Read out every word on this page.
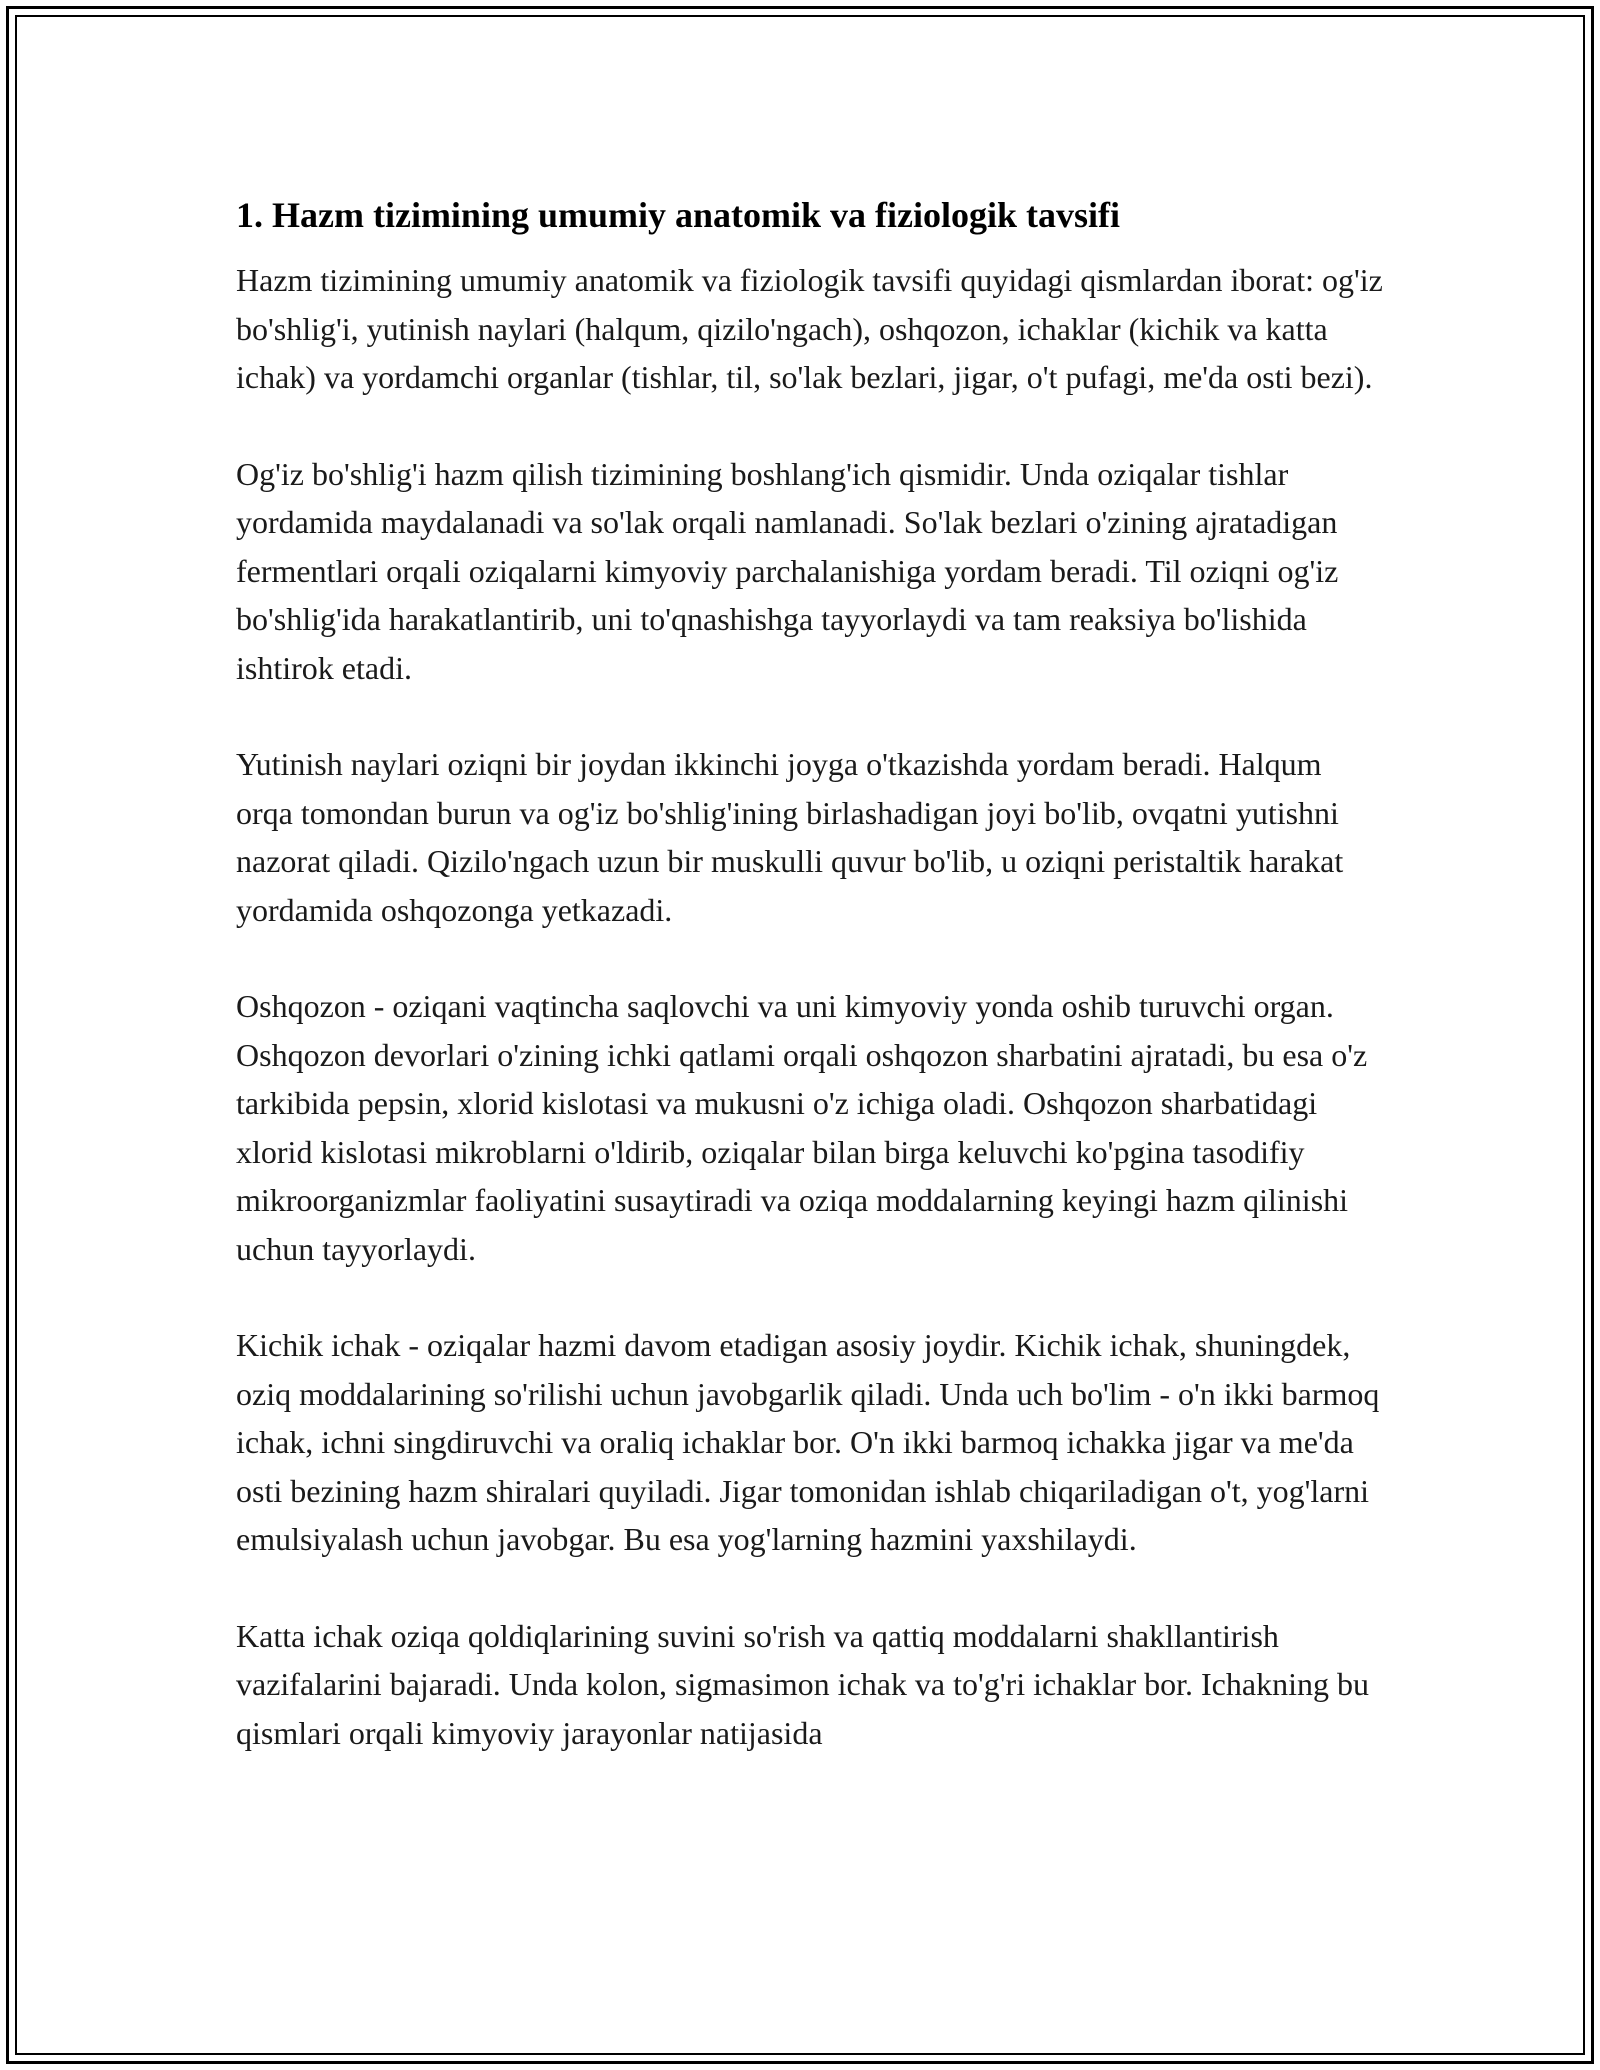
1. Hazm tizimining umumiy anatomik va fiziologik tavsifi

Hazm tizimining umumiy anatomik va fiziologik tavsifi quyidagi qismlardan iborat: og'iz bo'shlig'i, yutinish naylari (halqum, qizilo'ngach), oshqozon, ichaklar (kichik va katta ichak) va yordamchi organlar (tishlar, til, so'lak bezlari, jigar, o't pufagi, me'da osti bezi).

Og'iz bo'shlig'i hazm qilish tizimining boshlang'ich qismidir. Unda oziqalar tishlar yordamida maydalanadi va so'lak orqali namlanadi. So'lak bezlari o'zining ajratadigan fermentlari orqali oziqalarni kimyoviy parchalanishiga yordam beradi. Til oziqni og'iz bo'shlig'ida harakatlantirib, uni to'qnashishga tayyorlaydi va tam reaksiya bo'lishida ishtirok etadi.

Yutinish naylari oziqni bir joydan ikkinchi joyga o'tkazishda yordam beradi. Halqum orqa tomondan burun va og'iz bo'shlig'ining birlashadigan joyi bo'lib, ovqatni yutishni nazorat qiladi. Qizilo'ngach uzun bir muskulli quvur bo'lib, u oziqni peristaltik harakat yordamida oshqozonga yetkazadi.

Oshqozon - oziqani vaqtincha saqlovchi va uni kimyoviy yonda oshib turuvchi organ. Oshqozon devorlari o'zining ichki qatlami orqali oshqozon sharbatini ajratadi, bu esa o'z tarkibida pepsin, xlorid kislotasi va mukusni o'z ichiga oladi. Oshqozon sharbatidagi xlorid kislotasi mikroblarni o'ldirib, oziqalar bilan birga keluvchi ko'pgina tasodifiy mikroorganizmlar faoliyatini susaytiradi va oziqa moddalarning keyingi hazm qilinishi uchun tayyorlaydi.

Kichik ichak - oziqalar hazmi davom etadigan asosiy joydir. Kichik ichak, shuningdek, oziq moddalarining so'rilishi uchun javobgarlik qiladi. Unda uch bo'lim - o'n ikki barmoq ichak, ichni singdiruvchi va oraliq ichaklar bor. O'n ikki barmoq ichakka jigar va me'da osti bezining hazm shiralari quyiladi. Jigar tomonidan ishlab chiqariladigan o't, yog'larni emulsiyalash uchun javobgar. Bu esa yog'larning hazmini yaxshilaydi.

Katta ichak oziqa qoldiqlarining suvini so'rish va qattiq moddalarni shakllantirish vazifalarini bajaradi. Unda kolon, sigmasimon ichak va to'g'ri ichaklar bor. Ichakning bu qismlari orqali kimyoviy jarayonlar natijasida
